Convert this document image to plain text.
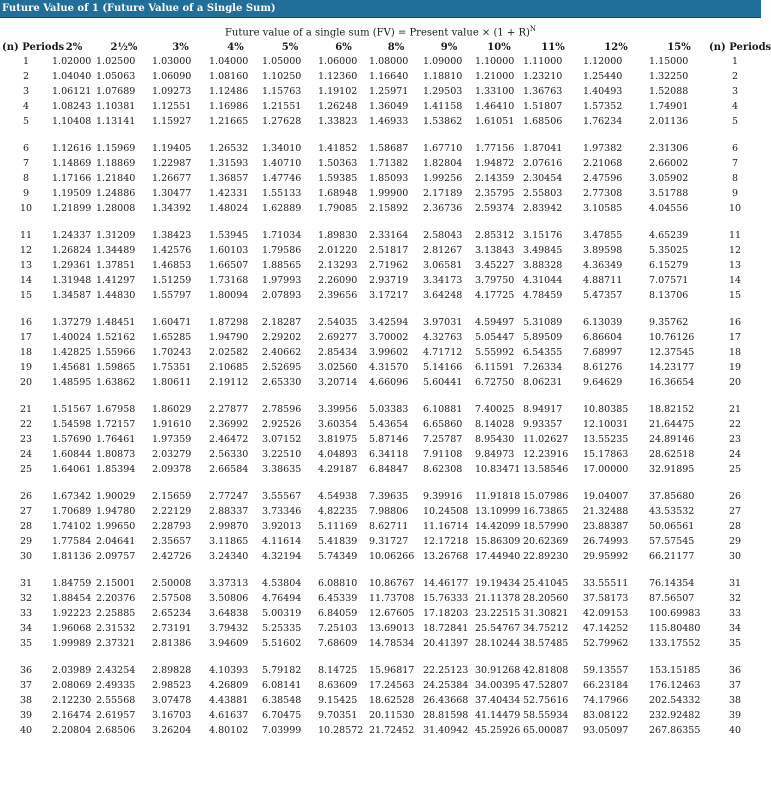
Future Value of 1 (Future Value of a Single Sum)
Future value of a single sum (FV) = Present value × $(1 + R)^N$
(n) Periods	2%	2½%	3%	4%	5%	6%	8%	9%	10%	11%	12%	15%	(n) Periods
1	1.02000	1.02500	1.03000	1.04000	1.05000	1.06000	1.08000	1.09000	1.10000	1.11000	1.12000	1.15000	1
2	1.04040	1.05063	1.06090	1.08160	1.10250	1.12360	1.16640	1.18810	1.21000	1.23210	1.25440	1.32250	2
3	1.06121	1.07689	1.09273	1.12486	1.15763	1.19102	1.25971	1.29503	1.33100	1.36763	1.40493	1.52088	3
4	1.08243	1.10381	1.12551	1.16986	1.21551	1.26248	1.36049	1.41158	1.46410	1.51807	1.57352	1.74901	4
5	1.10408	1.13141	1.15927	1.21665	1.27628	1.33823	1.46933	1.53862	1.61051	1.68506	1.76234	2.01136	5

6	1.12616	1.15969	1.19405	1.26532	1.34010	1.41852	1.58687	1.67710	1.77156	1.87041	1.97382	2.31306	6
7	1.14869	1.18869	1.22987	1.31593	1.40710	1.50363	1.71382	1.82804	1.94872	2.07616	2.21068	2.66002	7
8	1.17166	1.21840	1.26677	1.36857	1.47746	1.59385	1.85093	1.99256	2.14359	2.30454	2.47596	3.05902	8
9	1.19509	1.24886	1.30477	1.42331	1.55133	1.68948	1.99900	2.17189	2.35795	2.55803	2.77308	3.51788	9
10	1.21899	1.28008	1.34392	1.48024	1.62889	1.79085	2.15892	2.36736	2.59374	2.83942	3.10585	4.04556	10

11	1.24337	1.31209	1.38423	1.53945	1.71034	1.89830	2.33164	2.58043	2.85312	3.15176	3.47855	4.65239	11
12	1.26824	1.34489	1.42576	1.60103	1.79586	2.01220	2.51817	2.81267	3.13843	3.49845	3.89598	5.35025	12
13	1.29361	1.37851	1.46853	1.66507	1.88565	2.13293	2.71962	3.06581	3.45227	3.88328	4.36349	6.15279	13
14	1.31948	1.41297	1.51259	1.73168	1.97993	2.26090	2.93719	3.34173	3.79750	4.31044	4.88711	7.07571	14
15	1.34587	1.44830	1.55797	1.80094	2.07893	2.39656	3.17217	3.64248	4.17725	4.78459	5.47357	8.13706	15

16	1.37279	1.48451	1.60471	1.87298	2.18287	2.54035	3.42594	3.97031	4.59497	5.31089	6.13039	9.35762	16
17	1.40024	1.52162	1.65285	1.94790	2.29202	2.69277	3.70002	4.32763	5.05447	5.89509	6.86604	10.76126	17
18	1.42825	1.55966	1.70243	2.02582	2.40662	2.85434	3.99602	4.71712	5.55992	6.54355	7.68997	12.37545	18
19	1.45681	1.59865	1.75351	2.10685	2.52695	3.02560	4.31570	5.14166	6.11591	7.26334	8.61276	14.23177	19
20	1.48595	1.63862	1.80611	2.19112	2.65330	3.20714	4.66096	5.60441	6.72750	8.06231	9.64629	16.36654	20

21	1.51567	1.67958	1.86029	2.27877	2.78596	3.39956	5.03383	6.10881	7.40025	8.94917	10.80385	18.82152	21
22	1.54598	1.72157	1.91610	2.36992	2.92526	3.60354	5.43654	6.65860	8.14028	9.93357	12.10031	21.64475	22
23	1.57690	1.76461	1.97359	2.46472	3.07152	3.81975	5.87146	7.25787	8.95430	11.02627	13.55235	24.89146	23
24	1.60844	1.80873	2.03279	2.56330	3.22510	4.04893	6.34118	7.91108	9.84973	12.23916	15.17863	28.62518	24
25	1.64061	1.85394	2.09378	2.66584	3.38635	4.29187	6.84847	8.62308	10.83471	13.58546	17.00000	32.91895	25

26	1.67342	1.90029	2.15659	2.77247	3.55567	4.54938	7.39635	9.39916	11.91818	15.07986	19.04007	37.85680	26
27	1.70689	1.94780	2.22129	2.88337	3.73346	4.82235	7.98806	10.24508	13.10999	16.73865	21.32488	43.53532	27
28	1.74102	1.99650	2.28793	2.99870	3.92013	5.11169	8.62711	11.16714	14.42099	18.57990	23.88387	50.06561	28
29	1.77584	2.04641	2.35657	3.11865	4.11614	5.41839	9.31727	12.17218	15.86309	20.62369	26.74993	57.57545	29
30	1.81136	2.09757	2.42726	3.24340	4.32194	5.74349	10.06266	13.26768	17.44940	22.89230	29.95992	66.21177	30

31	1.84759	2.15001	2.50008	3.37313	4.53804	6.08810	10.86767	14.46177	19.19434	25.41045	33.55511	76.14354	31
32	1.88454	2.20376	2.57508	3.50806	4.76494	6.45339	11.73708	15.76333	21.11378	28.20560	37.58173	87.56507	32
33	1.92223	2.25885	2.65234	3.64838	5.00319	6.84059	12.67605	17.18203	23.22515	31.30821	42.09153	100.69983	33
34	1.96068	2.31532	2.73191	3.79432	5.25335	7.25103	13.69013	18.72841	25.54767	34.75212	47.14252	115.80480	34
35	1.99989	2.37321	2.81386	3.94609	5.51602	7.68609	14.78534	20.41397	28.10244	38.57485	52.79962	133.17552	35

36	2.03989	2.43254	2.89828	4.10393	5.79182	8.14725	15.96817	22.25123	30.91268	42.81808	59.13557	153.15185	36
37	2.08069	2.49335	2.98523	4.26809	6.08141	8.63609	17.24563	24.25384	34.00395	47.52807	66.23184	176.12463	37
38	2.12230	2.55568	3.07478	4.43881	6.38548	9.15425	18.62528	26.43668	37.40434	52.75616	74.17966	202.54332	38
39	2.16474	2.61957	3.16703	4.61637	6.70475	9.70351	20.11530	28.81598	41.14479	58.55934	83.08122	232.92482	39
40	2.20804	2.68506	3.26204	4.80102	7.03999	10.28572	21.72452	31.40942	45.25926	65.00087	93.05097	267.86355	40
